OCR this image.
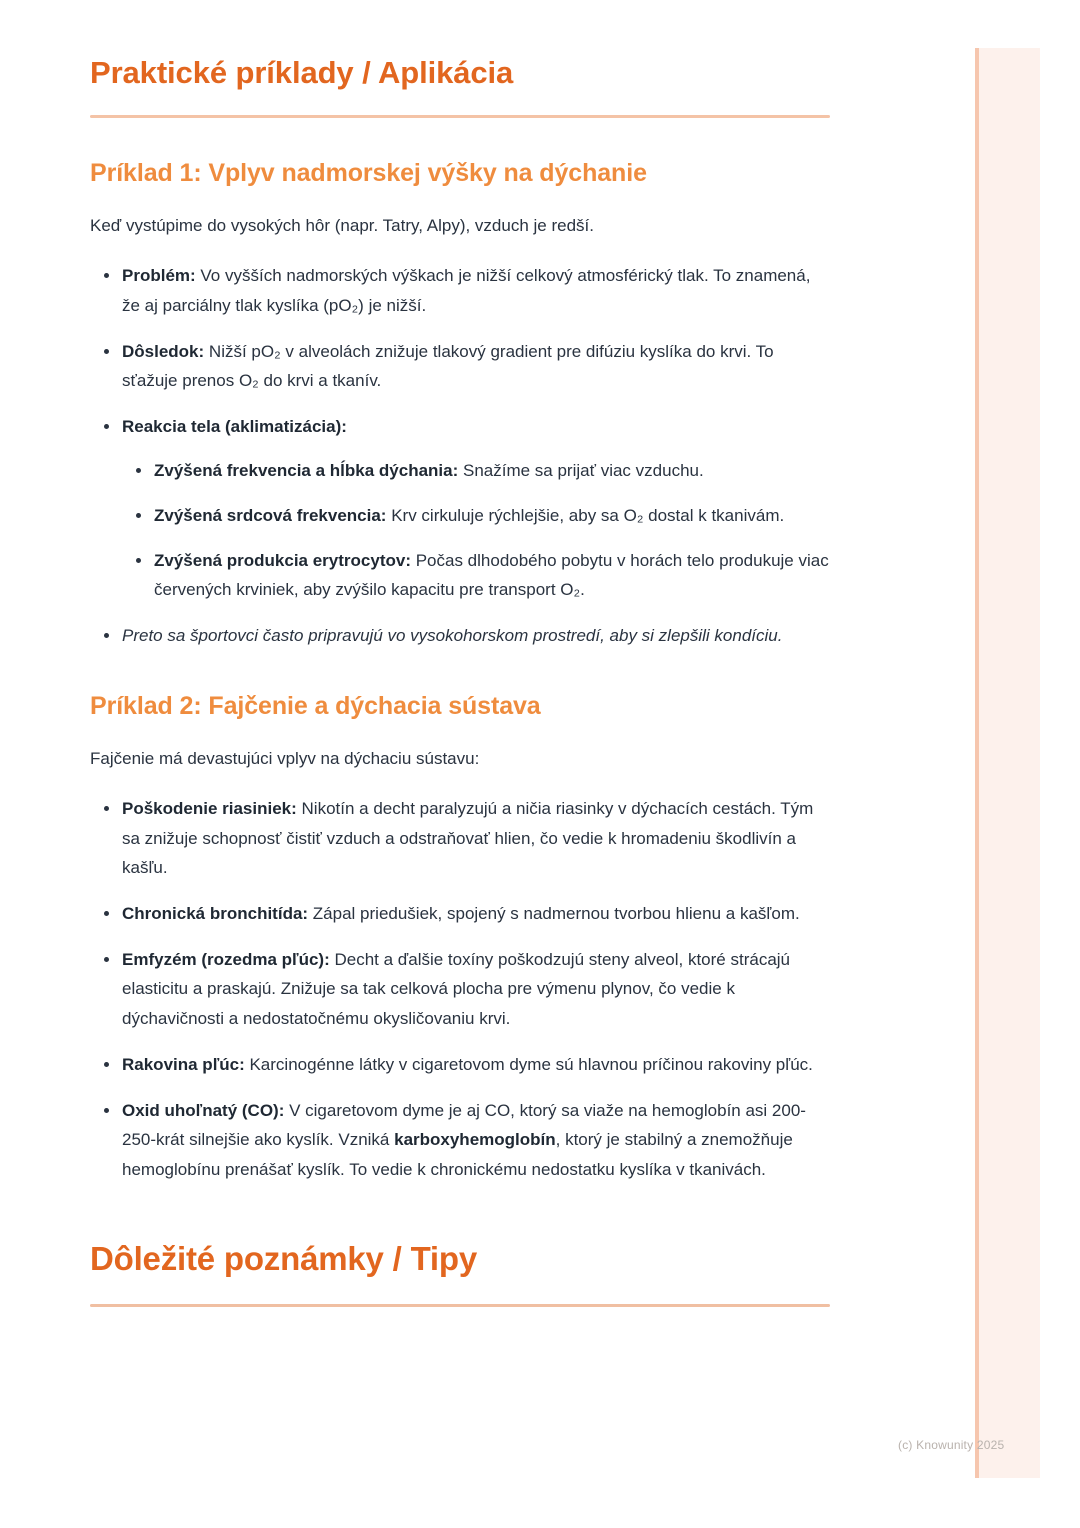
Praktické príklady / Aplikácia
Príklad 1: Vplyv nadmorskej výšky na dýchanie

Keď vystúpime do vysokých hôr (napr. Tatry, Alpy), vzduch je redší.

Problém: Vo vyšších nadmorských výškach je nižší celkový atmosférický tlak. To znamená, že aj parciálny tlak kyslíka (pO₂) je nižší.
Dôsledok: Nižší pO₂ v alveolách znižuje tlakový gradient pre difúziu kyslíka do krvi. To sťažuje prenos O₂ do krvi a tkanív.
Reakcia tela (aklimatizácia):
Zvýšená frekvencia a hĺbka dýchania: Snažíme sa prijať viac vzduchu.
Zvýšená srdcová frekvencia: Krv cirkuluje rýchlejšie, aby sa O₂ dostal k tkanivám.
Zvýšená produkcia erytrocytov: Počas dlhodobého pobytu v horách telo produkuje viac červených krviniek, aby zvýšilo kapacitu pre transport O₂.
Preto sa športovci často pripravujú vo vysokohorskom prostredí, aby si zlepšili kondíciu.
Príklad 2: Fajčenie a dýchacia sústava

Fajčenie má devastujúci vplyv na dýchaciu sústavu:

Poškodenie riasiniek: Nikotín a decht paralyzujú a ničia riasinky v dýchacích cestách. Tým sa znižuje schopnosť čistiť vzduch a odstraňovať hlien, čo vedie k hromadeniu škodlivín a kašľu.
Chronická bronchitída: Zápal priedušiek, spojený s nadmernou tvorbou hlienu a kašľom.
Emfyzém (rozedma pľúc): Decht a ďalšie toxíny poškodzujú steny alveol, ktoré strácajú elasticitu a praskajú. Znižuje sa tak celková plocha pre výmenu plynov, čo vedie k dýchavičnosti a nedostatočnému okysličovaniu krvi.
Rakovina pľúc: Karcinogénne látky v cigaretovom dyme sú hlavnou príčinou rakoviny pľúc.
Oxid uhoľnatý (CO): V cigaretovom dyme je aj CO, ktorý sa viaže na hemoglobín asi 200-250-krát silnejšie ako kyslík. Vzniká karboxyhemoglobín, ktorý je stabilný a znemožňuje hemoglobínu prenášať kyslík. To vedie k chronickému nedostatku kyslíka v tkanivách.
Dôležité poznámky / Tipy
(c) Knowunity 2025
